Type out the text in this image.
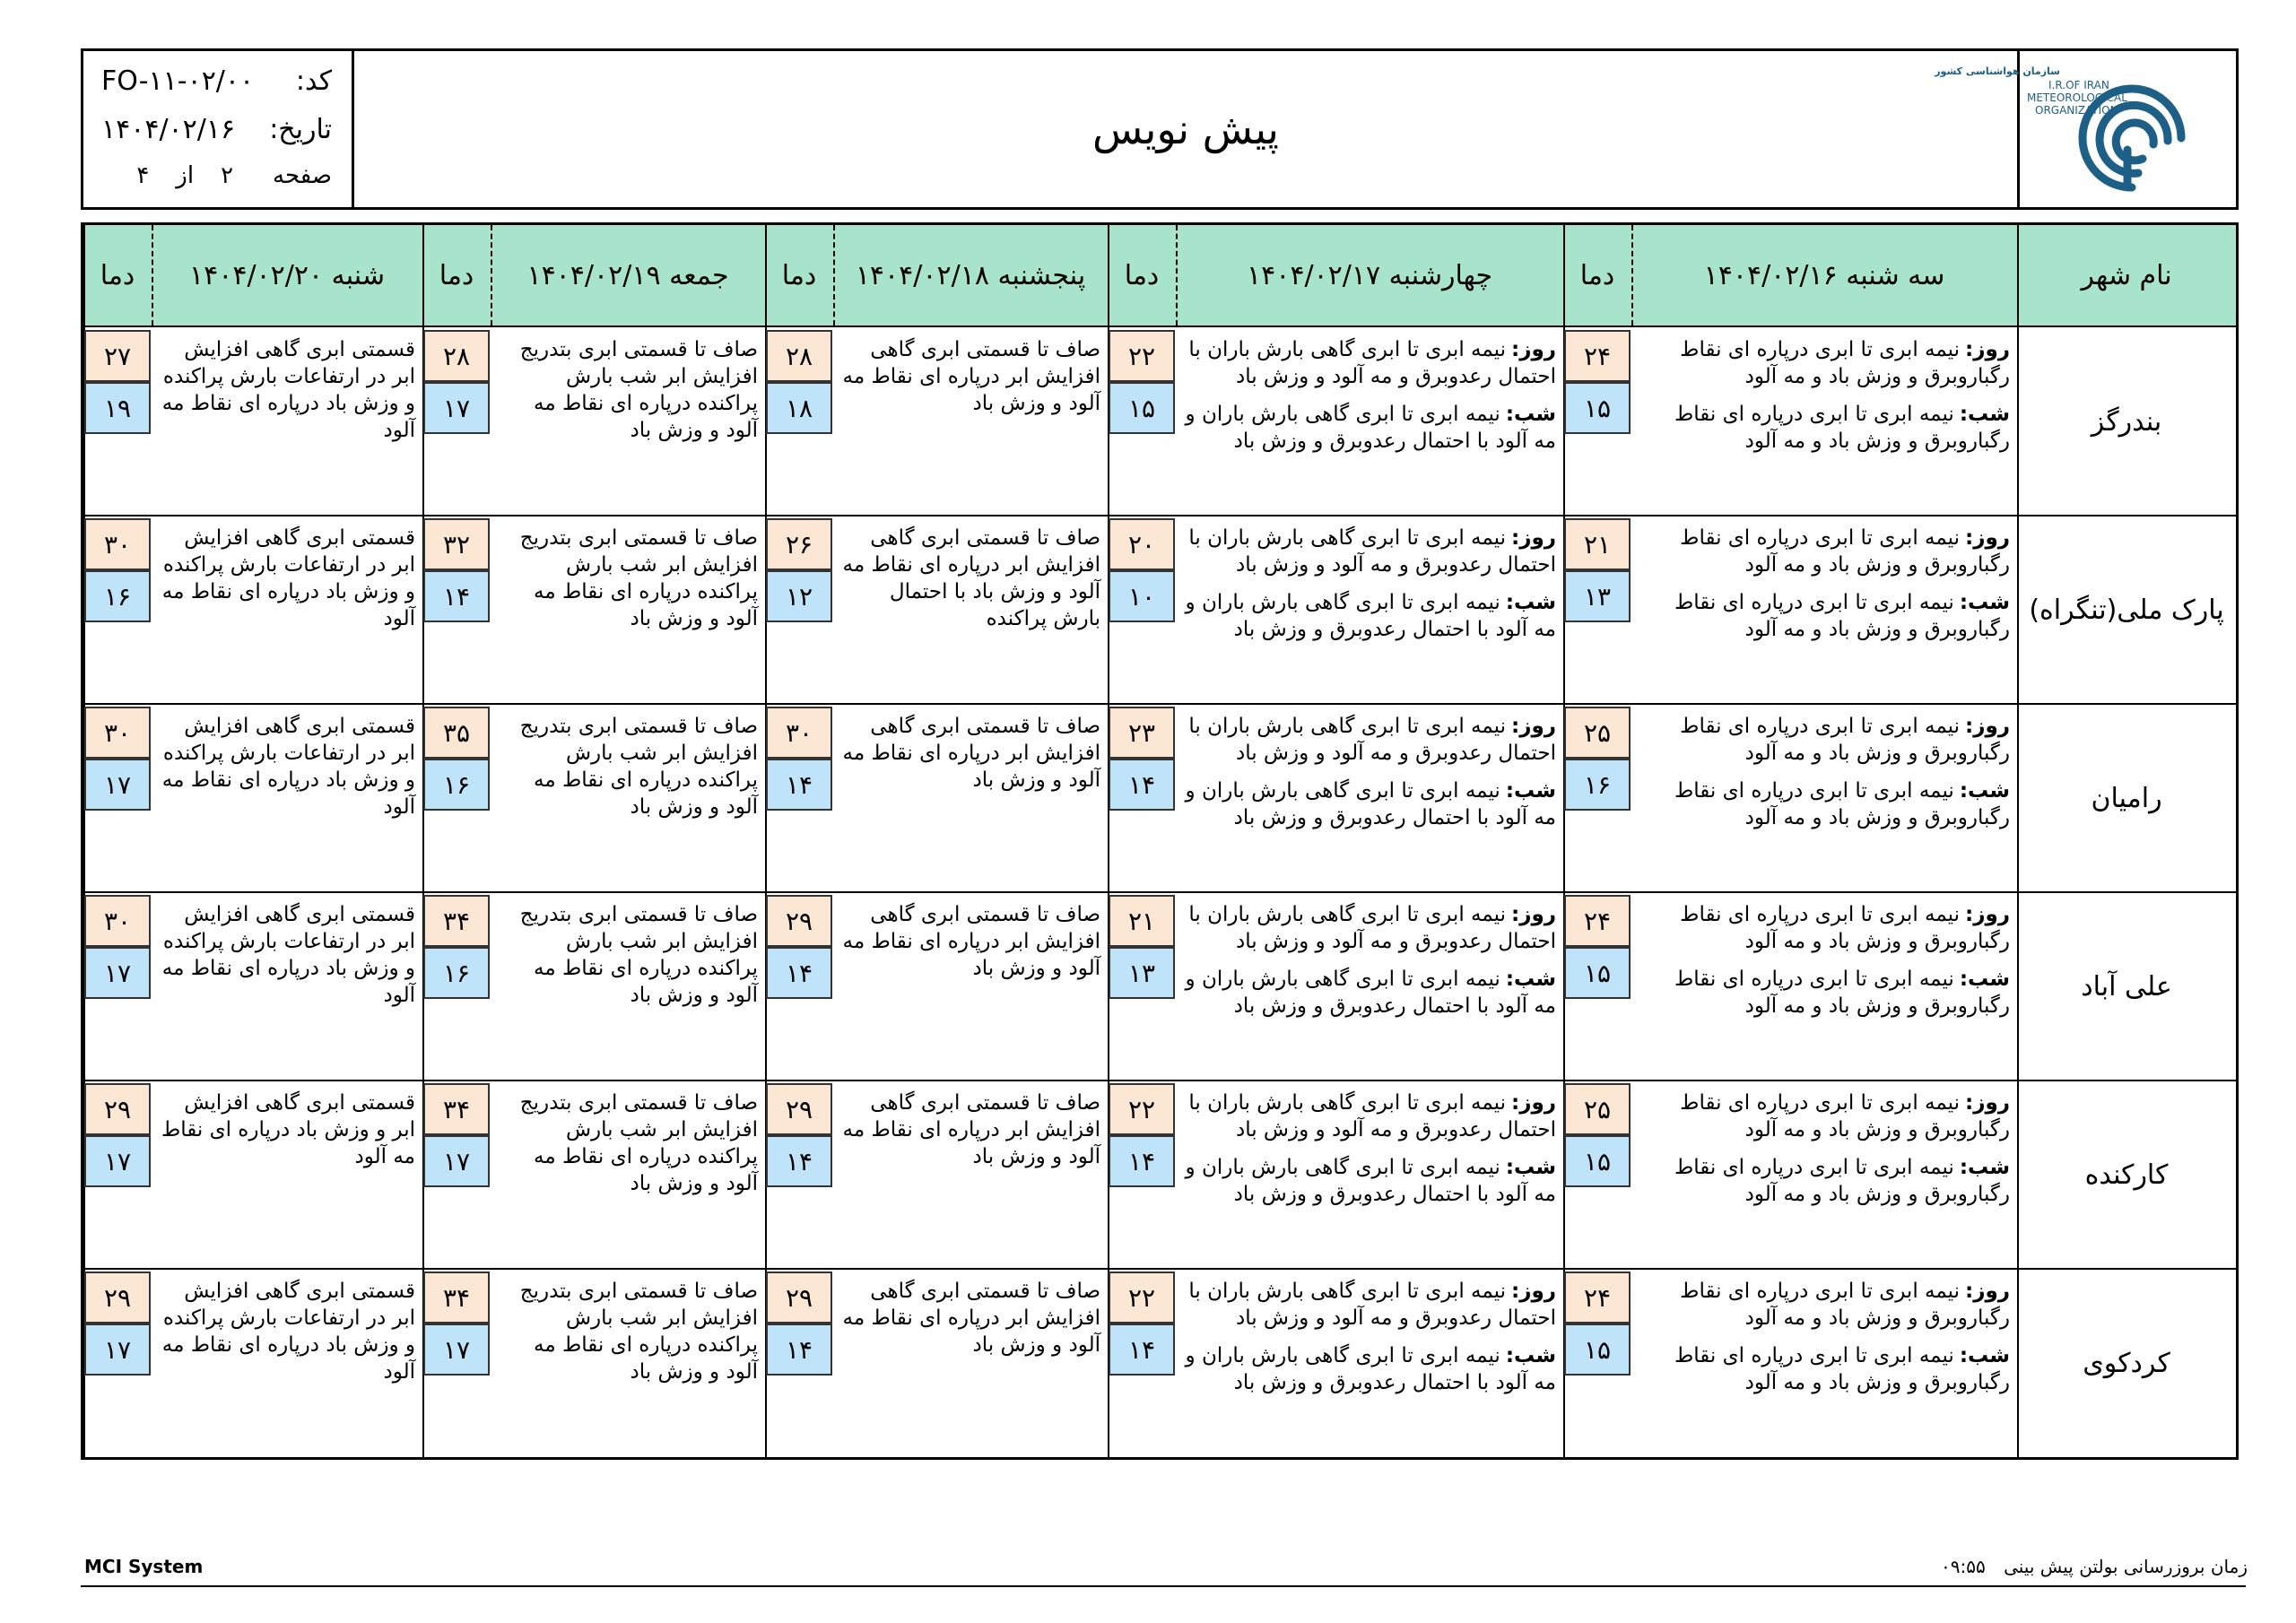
کد:
FO-۱۱-۰۲/۰۰
تاریخ:
۱۴۰۴/۰۲/۱۶
صفحه
۲
از
۴
پیش نویس
سازمان هواشناسی کشور
I.R.OF IRAN
METEOROLOGICAL
ORGANIZATION
نام شهر
سه شنبه ۱۴۰۴/۰۲/۱۶
دما
چهارشنبه ۱۴۰۴/۰۲/۱۷
دما
پنجشنبه ۱۴۰۴/۰۲/۱۸
دما
جمعه ۱۴۰۴/۰۲/۱۹
دما
شنبه ۱۴۰۴/۰۲/۲۰
دما
بندرگز

روز:نیمه ابری تا ابری درپاره ای نقاط رگباروبرق و وزش باد و مه آلود

شب:نیمه ابری تا ابری درپاره ای نقاط رگباروبرق و وزش باد و مه آلود

۲۴
۱۵

روز:نیمه ابری تا ابری گاهی بارش باران با احتمال رعدوبرق و مه آلود و وزش باد

شب:نیمه ابری تا ابری گاهی بارش باران و مه آلود با احتمال رعدوبرق و وزش باد

۲۲
۱۵
صاف تا قسمتی ابری گاهی افزایش ابر درپاره ای نقاط مه آلود و وزش باد
۲۸
۱۸
صاف تا قسمتی ابری بتدریج افزایش ابر شب بارش پراکنده درپاره ای نقاط مه آلود و وزش باد
۲۸
۱۷
قسمتی ابری گاهی افزایش ابر در ارتفاعات بارش پراکنده و وزش باد درپاره ای نقاط مه آلود
۲۷
۱۹
پارک ملی(تنگراه)

روز:نیمه ابری تا ابری درپاره ای نقاط رگباروبرق و وزش باد و مه آلود

شب:نیمه ابری تا ابری درپاره ای نقاط رگباروبرق و وزش باد و مه آلود

۲۱
۱۳

روز:نیمه ابری تا ابری گاهی بارش باران با احتمال رعدوبرق و مه آلود و وزش باد

شب:نیمه ابری تا ابری گاهی بارش باران و مه آلود با احتمال رعدوبرق و وزش باد

۲۰
۱۰
صاف تا قسمتی ابری گاهی افزایش ابر درپاره ای نقاط مه آلود و وزش باد با احتمال بارش پراکنده
۲۶
۱۲
صاف تا قسمتی ابری بتدریج افزایش ابر شب بارش پراکنده درپاره ای نقاط مه آلود و وزش باد
۳۲
۱۴
قسمتی ابری گاهی افزایش ابر در ارتفاعات بارش پراکنده و وزش باد درپاره ای نقاط مه آلود
۳۰
۱۶
رامیان

روز:نیمه ابری تا ابری درپاره ای نقاط رگباروبرق و وزش باد و مه آلود

شب:نیمه ابری تا ابری درپاره ای نقاط رگباروبرق و وزش باد و مه آلود

۲۵
۱۶

روز:نیمه ابری تا ابری گاهی بارش باران با احتمال رعدوبرق و مه آلود و وزش باد

شب:نیمه ابری تا ابری گاهی بارش باران و مه آلود با احتمال رعدوبرق و وزش باد

۲۳
۱۴
صاف تا قسمتی ابری گاهی افزایش ابر درپاره ای نقاط مه آلود و وزش باد
۳۰
۱۴
صاف تا قسمتی ابری بتدریج افزایش ابر شب بارش پراکنده درپاره ای نقاط مه آلود و وزش باد
۳۵
۱۶
قسمتی ابری گاهی افزایش ابر در ارتفاعات بارش پراکنده و وزش باد درپاره ای نقاط مه آلود
۳۰
۱۷
علی آباد

روز:نیمه ابری تا ابری درپاره ای نقاط رگباروبرق و وزش باد و مه آلود

شب:نیمه ابری تا ابری درپاره ای نقاط رگباروبرق و وزش باد و مه آلود

۲۴
۱۵

روز:نیمه ابری تا ابری گاهی بارش باران با احتمال رعدوبرق و مه آلود و وزش باد

شب:نیمه ابری تا ابری گاهی بارش باران و مه آلود با احتمال رعدوبرق و وزش باد

۲۱
۱۳
صاف تا قسمتی ابری گاهی افزایش ابر درپاره ای نقاط مه آلود و وزش باد
۲۹
۱۴
صاف تا قسمتی ابری بتدریج افزایش ابر شب بارش پراکنده درپاره ای نقاط مه آلود و وزش باد
۳۴
۱۶
قسمتی ابری گاهی افزایش ابر در ارتفاعات بارش پراکنده و وزش باد درپاره ای نقاط مه آلود
۳۰
۱۷
کارکنده

روز:نیمه ابری تا ابری درپاره ای نقاط رگباروبرق و وزش باد و مه آلود

شب:نیمه ابری تا ابری درپاره ای نقاط رگباروبرق و وزش باد و مه آلود

۲۵
۱۵

روز:نیمه ابری تا ابری گاهی بارش باران با احتمال رعدوبرق و مه آلود و وزش باد

شب:نیمه ابری تا ابری گاهی بارش باران و مه آلود با احتمال رعدوبرق و وزش باد

۲۲
۱۴
صاف تا قسمتی ابری گاهی افزایش ابر درپاره ای نقاط مه آلود و وزش باد
۲۹
۱۴
صاف تا قسمتی ابری بتدریج افزایش ابر شب بارش پراکنده درپاره ای نقاط مه آلود و وزش باد
۳۴
۱۷
قسمتی ابری گاهی افزایش ابر و وزش باد درپاره ای نقاط مه آلود
۲۹
۱۷
کردکوی

روز:نیمه ابری تا ابری درپاره ای نقاط رگباروبرق و وزش باد و مه آلود

شب:نیمه ابری تا ابری درپاره ای نقاط رگباروبرق و وزش باد و مه آلود

۲۴
۱۵

روز:نیمه ابری تا ابری گاهی بارش باران با احتمال رعدوبرق و مه آلود و وزش باد

شب:نیمه ابری تا ابری گاهی بارش باران و مه آلود با احتمال رعدوبرق و وزش باد

۲۲
۱۴
صاف تا قسمتی ابری گاهی افزایش ابر درپاره ای نقاط مه آلود و وزش باد
۲۹
۱۴
صاف تا قسمتی ابری بتدریج افزایش ابر شب بارش پراکنده درپاره ای نقاط مه آلود و وزش باد
۳۴
۱۷
قسمتی ابری گاهی افزایش ابر در ارتفاعات بارش پراکنده و وزش باد درپاره ای نقاط مه آلود
۲۹
۱۷
MCI System	زمان بروزرسانی بولتن پیش بینی ۰۹:۵۵
